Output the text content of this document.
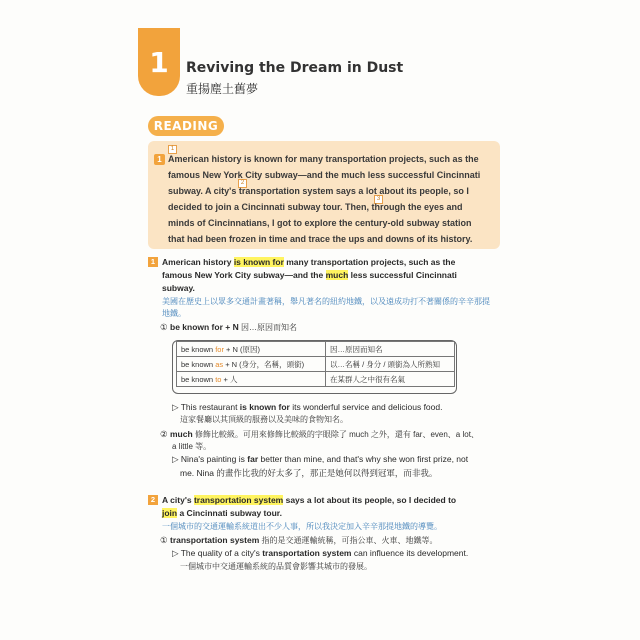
1	Reviving the Dream in Dust
重揚塵土舊夢
READING
1
1
2
3
American history is known for many transportation projects, such as the
famous New York City subway—and the much less successful Cincinnati
subway. A city's transportation system says a lot about its people, so I
decided to join a Cincinnati subway tour. Then, through the eyes and
minds of Cincinnatians, I got to explore the century-old subway station
that had been frozen in time and trace the ups and downs of its history.
1 American history is known for many transportation projects, such as the
famous New York City subway—and the much less successful Cincinnati
subway.
美國在歷史上以眾多交通計畫著稱，舉凡著名的紐約地鐵，以及遠成功打不著關係的辛辛那提
地鐵。
① be known for + N 因…原因而知名
be known for + N (原因)	因…原因而知名
be known as + N (身分，名稱，頭銜)	以…名稱 / 身分 / 頭銜為人所熟知
be known to + 人	在某群人之中很有名氣
▷ This restaurant is known for its wonderful service and delicious food.
這家餐廳以其頂級的服務以及美味的食物知名。
② much 修飾比較級。可用來修飾比較級的字眼除了 much 之外，還有 far、even、a lot、
a little 等。
▷ Nina's painting is far better than mine, and that's why she won first prize, not
me. Nina 的畫作比我的好太多了，那正是她何以得到冠軍，而非我。
2 A city's transportation system says a lot about its people, so I decided to
join a Cincinnati subway tour.
一個城市的交通運輸系統道出不少人事，所以我決定加入辛辛那提地鐵的導覽。
① transportation system 指的是交通運輸統稱，可指公車、火車、地鐵等。
▷ The quality of a city's transportation system can influence its development.
一個城市中交通運輸系統的品質會影響其城市的發展。
